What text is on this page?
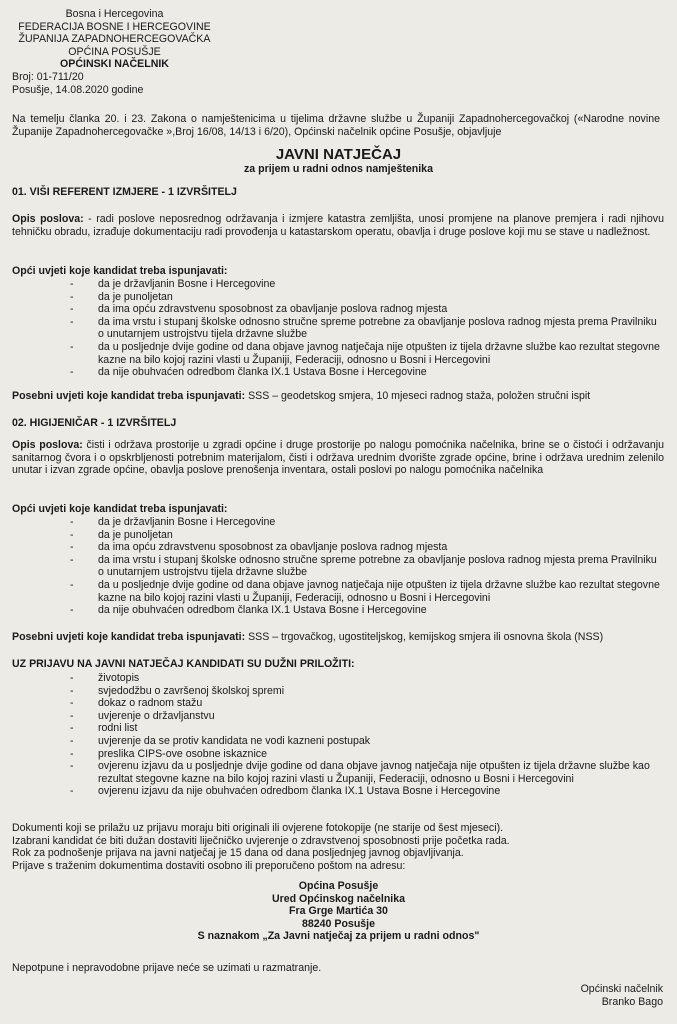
Bosna i Hercegovina
FEDERACIJA BOSNE I HERCEGOVINE
ŽUPANIJA ZAPADNOHERCEGOVAČKA
OPĆINA POSUŠJE
OPĆINSKI NAČELNIK
Broj: 01-711/20
Posušje, 14.08.2020 godine
Na temelju članka 20. i 23. Zakona o namještenicima u tijelima državne službe u Županiji Zapadnohercegovačkoj («Narodne novine Županije Zapadnohercegovačke »,Broj 16/08, 14/13 i 6/20), Općinski načelnik općine Posušje, objavljuje
JAVNI NATJEČAJ
za prijem u radni odnos namještenika
01. VIŠI REFERENT IZMJERE - 1 IZVRŠITELJ
Opis poslova: - radi poslove neposrednog održavanja i izmjere katastra zemljišta, unosi promjene na planove premjera i radi njihovu tehničku obradu, izrađuje dokumentaciju radi provođenja u katastarskom operatu, obavlja i druge poslove koji mu se stave u nadležnost.
Opći uvjeti koje kandidat treba ispunjavati:
- da je državljanin Bosne i Hercegovine
- da je punoljetan
- da ima opću zdravstvenu sposobnost za obavljanje poslova radnog mjesta
- da ima vrstu i stupanj školske odnosno stručne spreme potrebne za obavljanje poslova radnog mjesta prema Pravilniku o unutarnjem ustrojstvu tijela državne službe
- da u posljednje dvije godine od dana objave javnog natječaja nije otpušten iz tijela državne službe kao rezultat stegovne kazne na bilo kojoj razini vlasti u Županiji, Federaciji, odnosno u Bosni i Hercegovini
- da nije obuhvaćen odredbom članka IX.1 Ustava Bosne i Hercegovine
Posebni uvjeti koje kandidat treba ispunjavati: SSS – geodetskog smjera, 10 mjeseci radnog staža, položen stručni ispit
02. HIGIJENIČAR - 1 IZVRŠITELJ
Opis poslova: čisti i održava prostorije u zgradi općine i druge prostorije po nalogu pomoćnika načelnika, brine se o čistoći i održavanju sanitarnog čvora i o opskrbljenosti potrebnim materijalom, čisti i održava urednim dvorište zgrade općine, brine i održava urednim zelenilo unutar i izvan zgrade općine, obavlja poslove prenošenja inventara, ostali poslovi po nalogu pomoćnika načelnika
Opći uvjeti koje kandidat treba ispunjavati:
- da je državljanin Bosne i Hercegovine
- da je punoljetan
- da ima opću zdravstvenu sposobnost za obavljanje poslova radnog mjesta
- da ima vrstu i stupanj školske odnosno stručne spreme potrebne za obavljanje poslova radnog mjesta prema Pravilniku o unutarnjem ustrojstvu tijela državne službe
- da u posljednje dvije godine od dana objave javnog natječaja nije otpušten iz tijela državne službe kao rezultat stegovne kazne na bilo kojoj razini vlasti u Županiji, Federaciji, odnosno u Bosni i Hercegovini
- da nije obuhvaćen odredbom članka IX.1 Ustava Bosne i Hercegovine
Posebni uvjeti koje kandidat treba ispunjavati: SSS – trgovačkog, ugostiteljskog, kemijskog smjera ili osnovna škola (NSS)
UZ PRIJAVU NA JAVNI NATJEČAJ KANDIDATI SU DUŽNI PRILOŽITI:
- životopis
- svjedodžbu o završenoj školskoj spremi
- dokaz o radnom stažu
- uvjerenje o državljanstvu
- rodni list
- uvjerenje da se protiv kandidata ne vodi kazneni postupak
- preslika CIPS-ove osobne iskaznice
- ovjerenu izjavu da u posljednje dvije godine od dana objave javnog natječaja nije otpušten iz tijela državne službe kao rezultat stegovne kazne na bilo kojoj razini vlasti u Županiji, Federaciji, odnosno u Bosni i Hercegovini
- ovjerenu izjavu da nije obuhvaćen odredbom članka IX.1 Ustava Bosne i Hercegovine
Dokumenti koji se prilažu uz prijavu moraju biti originali ili ovjerene fotokopije (ne starije od šest mjeseci).
Izabrani kandidat će biti dužan dostaviti liječničko uvjerenje o zdravstvenoj sposobnosti prije početka rada.
Rok za podnošenje prijava na javni natječaj je 15 dana od dana posljednjeg javnog objavljivanja.
Prijave s traženim dokumentima dostaviti osobno ili preporučeno poštom na adresu:
Općina Posušje
Ured Općinskog načelnika
Fra Grge Martića 30
88240 Posušje
S naznakom „Za Javni natječaj za prijem u radni odnos"
Nepotpune i nepravodobne prijave neće se uzimati u razmatranje.
Općinski načelnik
Branko Bago
